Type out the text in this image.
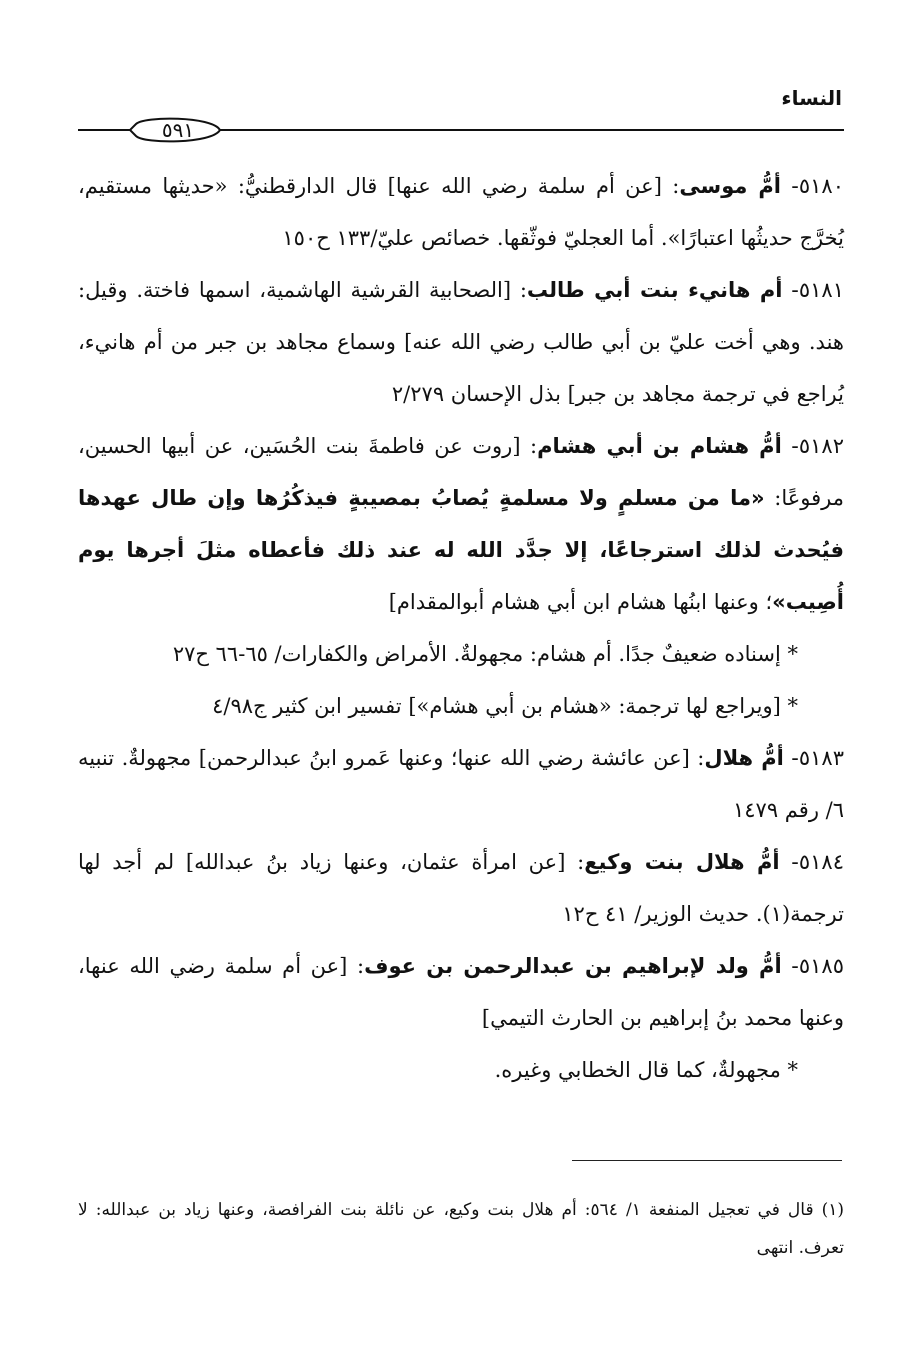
النساء
٥٩١

٥١٨٠- أمُّ موسى: [عن أم سلمة رضي الله عنها] قال الدارقطنيُّ: «حديثها مستقيم، يُخرَّج حديثُها اعتبارًا». أما العجليّ فوثّقها. خصائص عليّ/١٣٣ ح١٥٠

٥١٨١- أم هانيء بنت أبي طالب: [الصحابية القرشية الهاشمية، اسمها فاختة. وقيل: هند. وهي أخت عليّ بن أبي طالب رضي الله عنه] وسماع مجاهد بن جبر من أم هانيء، يُراجع في ترجمة مجاهد بن جبر] بذل الإحسان ٢/٢٧٩

٥١٨٢- أمُّ هشام بن أبي هشام: [روت عن فاطمةَ بنت الحُسَين، عن أبيها الحسين، مرفوعًا: «ما من مسلمٍ ولا مسلمةٍ يُصابُ بمصيبةٍ فيذكُرُها وإن طال عهدها فيُحدث لذلك استرجاعًا، إلا جدَّد الله له عند ذلك فأعطاه مثلَ أجرها يوم أُصِيب»؛ وعنها ابنُها هشام ابن أبي هشام أبوالمقدام]

* إسناده ضعيفٌ جدًا. أم هشام: مجهولةٌ. الأمراض والكفارات/ ٦٥-٦٦ ح٢٧

* [ويراجع لها ترجمة: «هشام بن أبي هشام»] تفسير ابن كثير ج٤/٩٨

٥١٨٣- أمُّ هلال: [عن عائشة رضي الله عنها؛ وعنها عَمرو ابنُ عبدالرحمن] مجهولةٌ. تنبيه ٦/ رقم ١٤٧٩

٥١٨٤- أمُّ هلال بنت وكيع: [عن امرأة عثمان، وعنها زياد بنُ عبدالله] لم أجد لها ترجمة(١). حديث الوزير/ ٤١ ح١٢

٥١٨٥- أمُّ ولد لإبراهيم بن عبدالرحمن بن عوف: [عن أم سلمة رضي الله عنها، وعنها محمد بنُ إبراهيم بن الحارث التيمي]

* مجهولةٌ، كما قال الخطابي وغيره.

(١) قال في تعجيل المنفعة ١/ ٥٦٤: أم هلال بنت وكيع، عن نائلة بنت الفرافصة، وعنها زياد بن عبدالله: لا تعرف. انتهى
